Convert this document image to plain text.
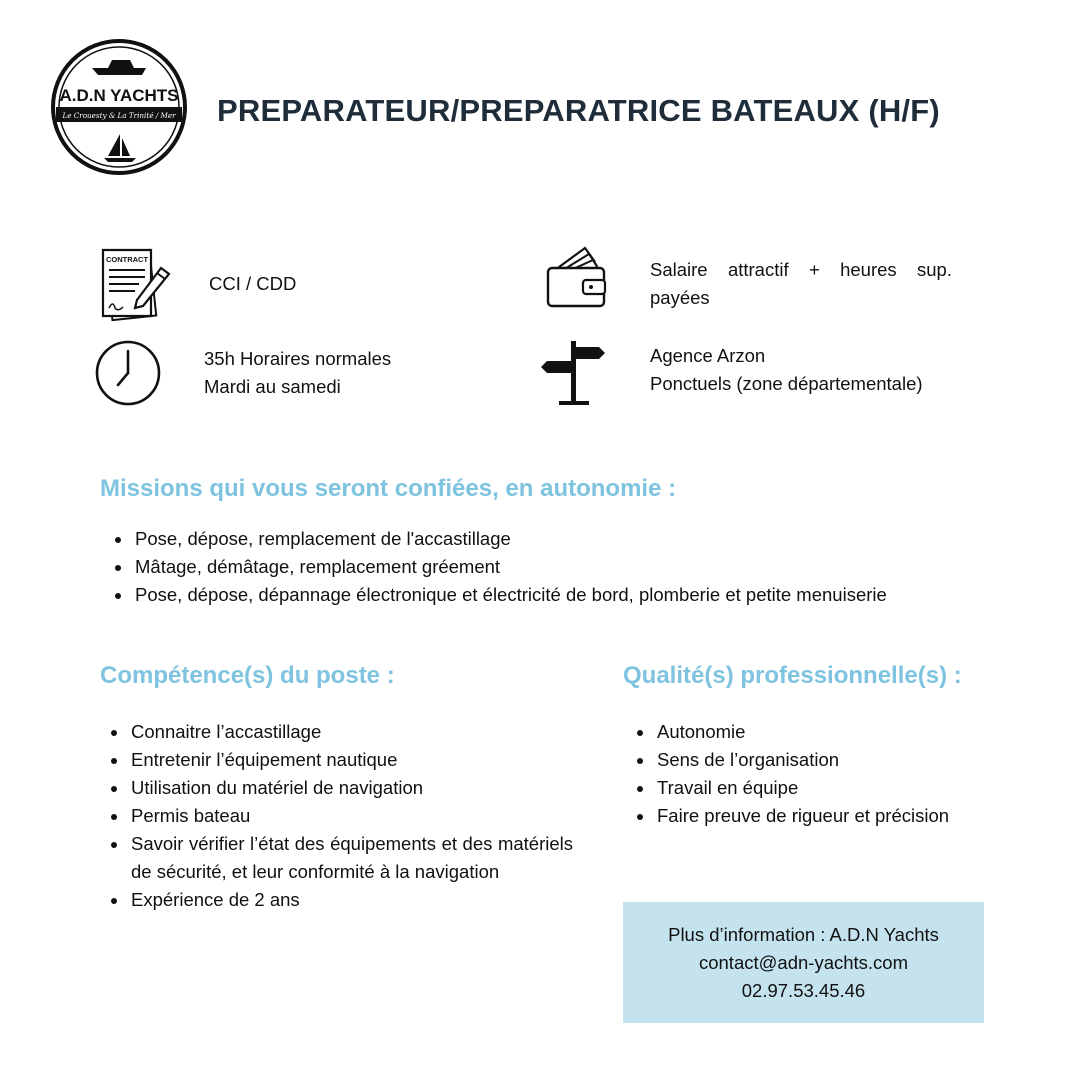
A.D.N YACHTS
Le Crouesty & La Trinité / Mer PREPARATEUR/PREPARATRICE BATEAUX (H/F)
CONTRACT
CCI / CDD
Salaire attractif + heures sup. payées
35h Horaires normales
Mardi au samedi
Agence Arzon
Ponctuels (zone départementale)
Missions qui vous seront confiées, en autonomie :
Pose, dépose, remplacement de l'accastillage
Mâtage, démâtage, remplacement gréement
Pose, dépose, dépannage électronique et électricité de bord, plomberie et petite menuiserie
Compétence(s) du poste :
Connaitre l’accastillage
Entretenir l’équipement nautique
Utilisation du matériel de navigation
Permis bateau
Savoir vérifier l’état des équipements et des matériels de sécurité, et leur conformité à la navigation
Expérience de 2 ans
Qualité(s) professionnelle(s) :
Autonomie
Sens de l’organisation
Travail en équipe
Faire preuve de rigueur et précision
Plus d’information : A.D.N Yachts
contact@adn-yachts.com
02.97.53.45.46
